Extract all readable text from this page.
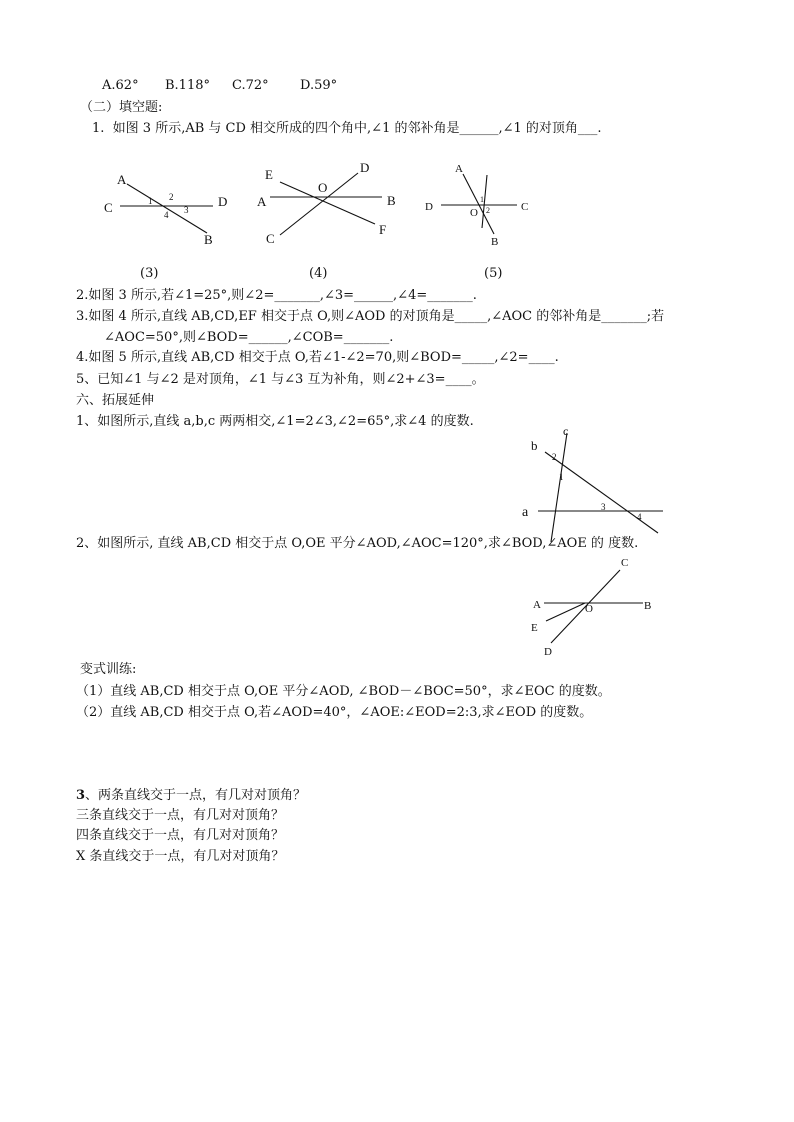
A.62° B.118° C.72° D.59°
（二）填空题:
1.  如图 3 所示,AB 与 CD 相交所成的四个角中,∠1 的邻补角是______,∠1 的对顶角___.
A
C	D
B
1 2
3
4
D
E
O
A	B
C
F
A
D	C
O
B
1
2
(3)	(4)	(5)
2.如图 3 所示,若∠1=25°,则∠2=_______,∠3=______,∠4=_______.
3.如图 4 所示,直线 AB,CD,EF 相交于点 O,则∠AOD 的对顶角是_____,∠AOC 的邻补角是_______;若
∠AOC=50°,则∠BOD=______,∠COB=_______.
4.如图 5 所示,直线 AB,CD 相交于点 O,若∠1-∠2=70,则∠BOD=_____,∠2=____.
5、已知∠1 与∠2 是对顶角，∠1 与∠3 互为补角，则∠2+∠3=____。
六、拓展延伸
1、如图所示,直线 a,b,c 两两相交,∠1=2∠3,∠2=65°,求∠4 的度数.
c
b
a
2
1
3
4
2、如图所示, 直线 AB,CD 相交于点 O,OE 平分∠AOD,∠AOC=120°,求∠BOD,∠AOE 的 度数.
C
A	O	B
E
D
变式训练:
（1）直线 AB,CD 相交于点 O,OE 平分∠AOD, ∠BOD－∠BOC=50°，求∠EOC 的度数。
（2）直线 AB,CD 相交于点 O,若∠AOD=40°，∠AOE:∠EOD=2:3,求∠EOD 的度数。
3、两条直线交于一点，有几对对顶角？
三条直线交于一点，有几对对顶角？
四条直线交于一点，有几对对顶角？
X 条直线交于一点，有几对对顶角？
